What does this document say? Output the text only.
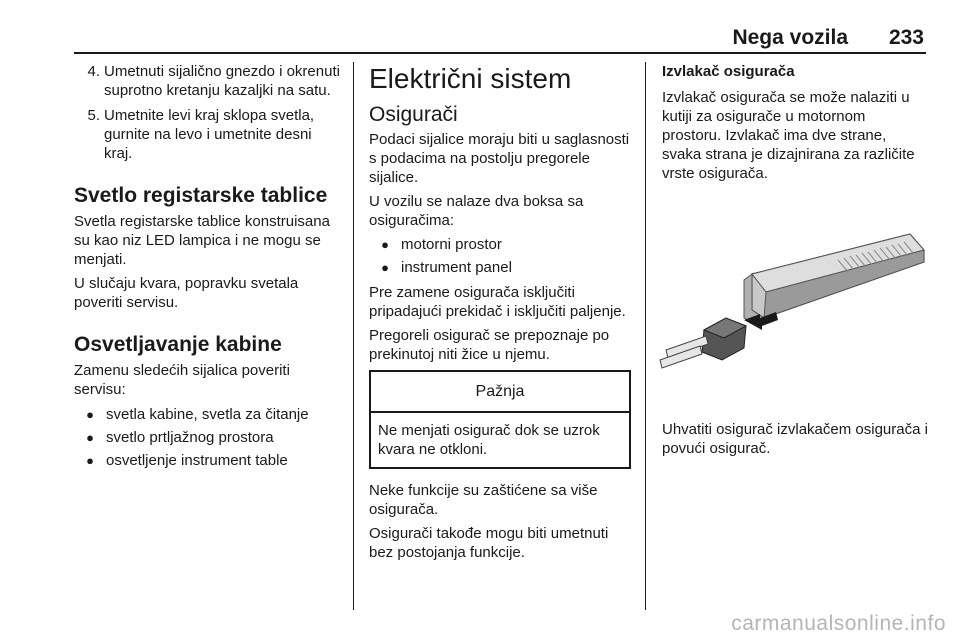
Nega vozila 233
4. Umetnuti sijalično gnezdo i okrenuti suprotno kretanju kazaljki na satu.
5. Umetnite levi kraj sklopa svetla, gurnite na levo i umetnite desni kraj.
Svetlo registarske tablice

Svetla registarske tablice konstruisana su kao niz LED lampica i ne mogu se menjati.

U slučaju kvara, popravku svetala poveriti servisu.

Osvetljavanje kabine

Zamenu sledećih sijalica poveriti servisu:

● svetla kabine, svetla za čitanje
● svetlo prtljažnog prostora
● osvetljenje instrument table
Električni sistem
Osigurači

Podaci sijalice moraju biti u saglasnosti s podacima na postolju pregorele sijalice.

U vozilu se nalaze dva boksa sa osiguračima:

● motorni prostor
● instrument panel

Pre zamene osigurača isključiti pripadajući prekidač i isključiti paljenje.

Pregoreli osigurač se prepoznaje po prekinutoj niti žice u njemu.

Pažnja
Ne menjati osigurač dok se uzrok kvara ne otkloni.

Neke funkcije su zaštićene sa više osigurača.

Osigurači takođe mogu biti umetnuti bez postojanja funkcije.

Izvlakač osigurača

Izvlakač osigurača se može nalaziti u kutiji za osigurače u motornom prostoru. Izvlakač ima dve strane, svaka strana je dizajnirana za različite vrste osigurača.

Uhvatiti osigurač izvlakačem osigurača i povući osigurač.

carmanualsonline.info
